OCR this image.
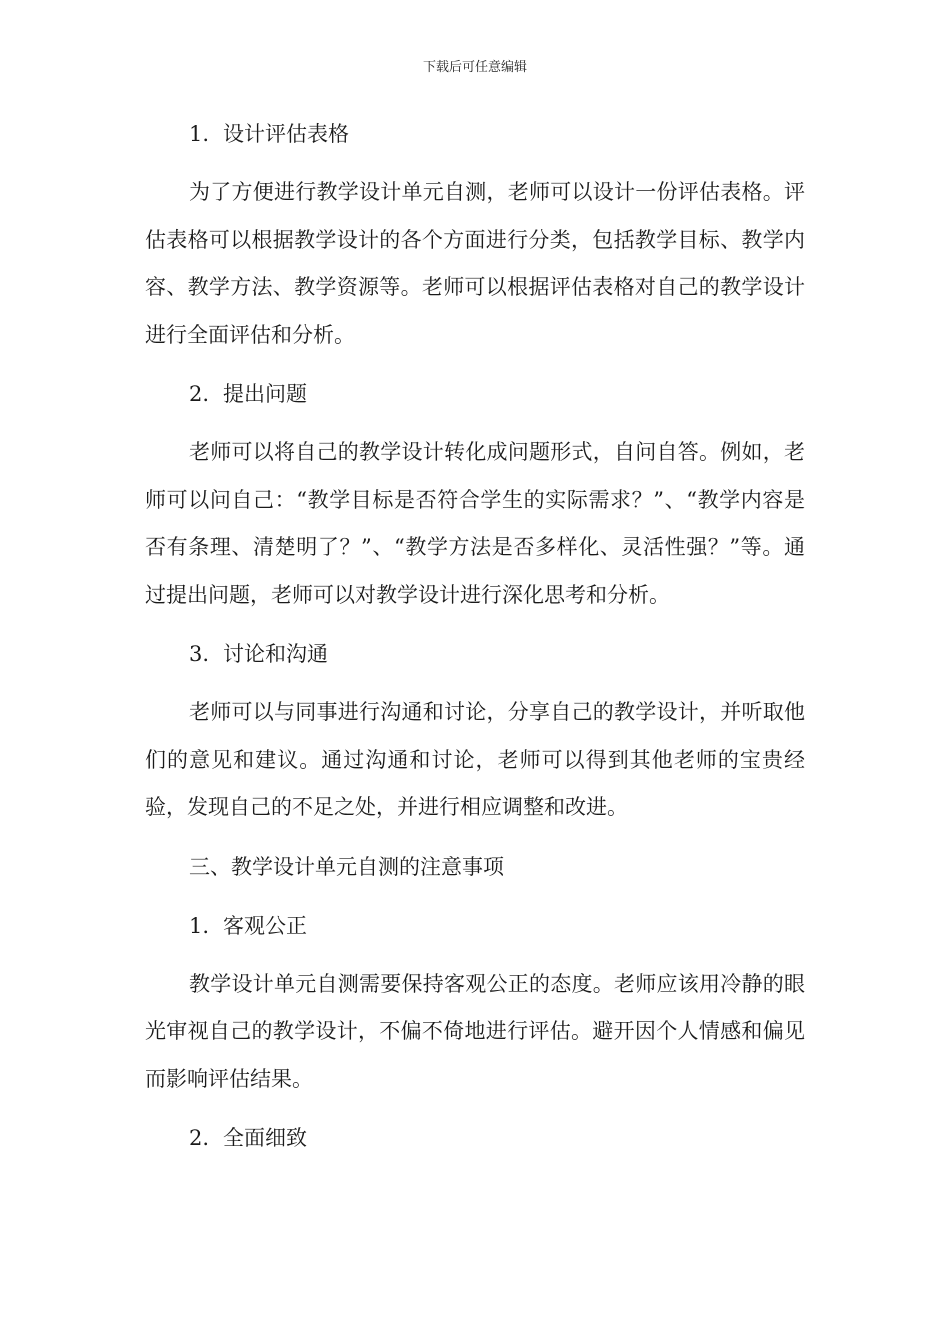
下载后可任意编辑
1. 设计评估表格

为了方便进行教学设计单元自测，老师可以设计一份评估表格。评估表格可以根据教学设计的各个方面进行分类，包括教学目标、教学内容、教学方法、教学资源等。老师可以根据评估表格对自己的教学设计进行全面评估和分析。

2. 提出问题

老师可以将自己的教学设计转化成问题形式，自问自答。例如，老师可以问自己：“教学目标是否符合学生的实际需求？”、“教学内容是否有条理、清楚明了？”、“教学方法是否多样化、灵活性强？”等。通过提出问题，老师可以对教学设计进行深化思考和分析。

3. 讨论和沟通

老师可以与同事进行沟通和讨论，分享自己的教学设计，并听取他们的意见和建议。通过沟通和讨论，老师可以得到其他老师的宝贵经验，发现自己的不足之处，并进行相应调整和改进。

三、教学设计单元自测的注意事项
1. 客观公正

教学设计单元自测需要保持客观公正的态度。老师应该用冷静的眼光审视自己的教学设计，不偏不倚地进行评估。避开因个人情感和偏见而影响评估结果。

2. 全面细致
